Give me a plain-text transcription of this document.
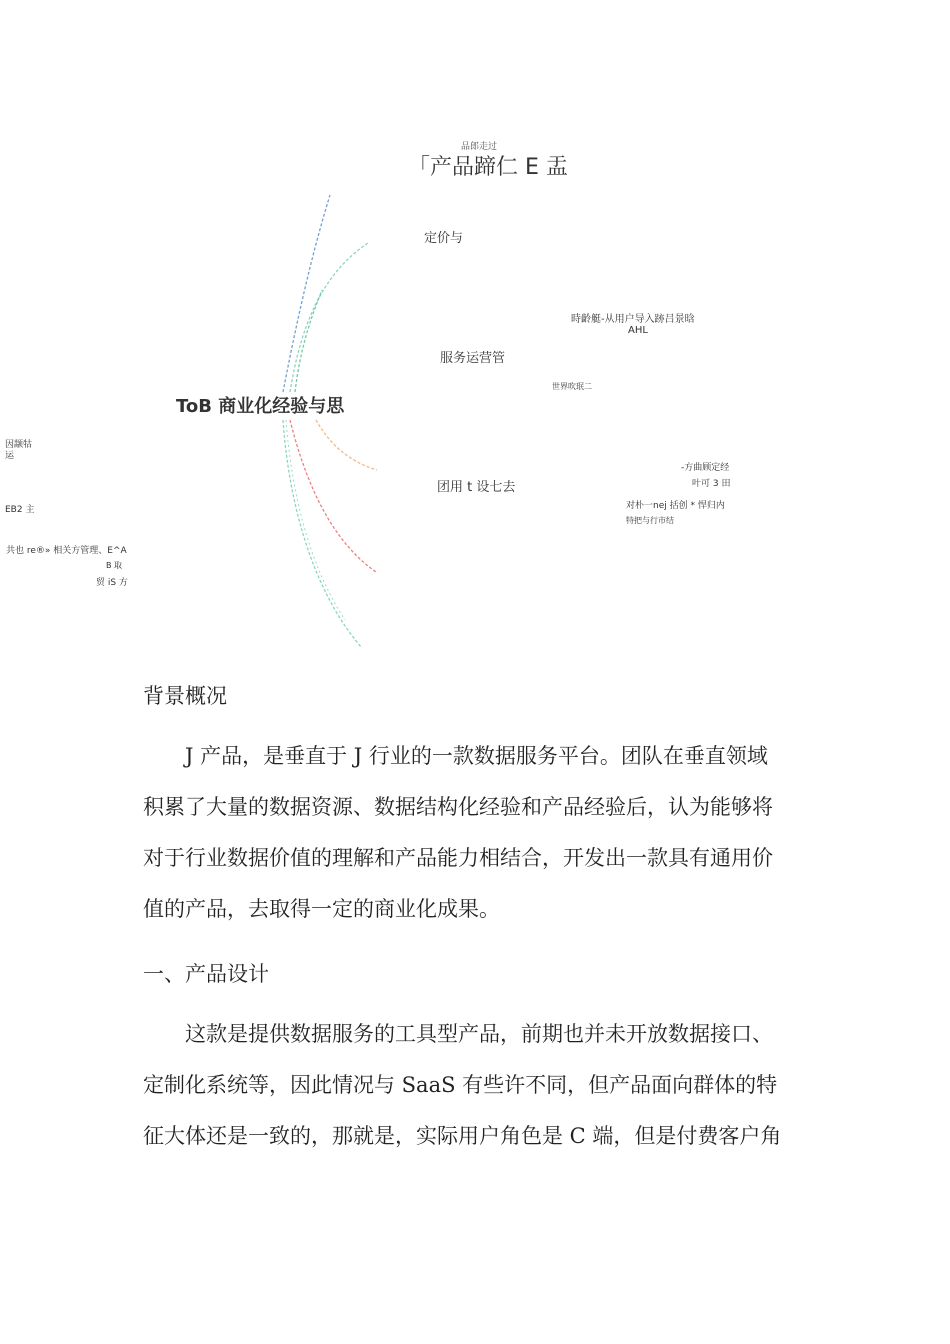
品郎走过
「产品蹄仁 E 盂
ToB 商业化经验与思
定价与
服务运营管
团用 t 设七去
時齡艇-从用户导入跡吕景晗
AHL
世界吹珉二
-方曲顾定经
叶可 3 田
对朴一nej 括创 * 悍归内
特把与行市结
因颛牯
运
EB2 主
共也 re®» 相关方管理、E^A
B 取
贸 iS 方
背景概况
J 产品，是垂直于 J 行业的一款数据服务平台。团队在垂直领域
积累了大量的数据资源、数据结构化经验和产品经验后，认为能够将
对于行业数据价值的理解和产品能力相结合，开发出一款具有通用价
值的产品，去取得一定的商业化成果。
一、产品设计
这款是提供数据服务的工具型产品，前期也并未开放数据接口、
定制化系统等，因此情况与 SaaS 有些许不同，但产品面向群体的特
征大体还是一致的，那就是，实际用户角色是 C 端，但是付费客户角
